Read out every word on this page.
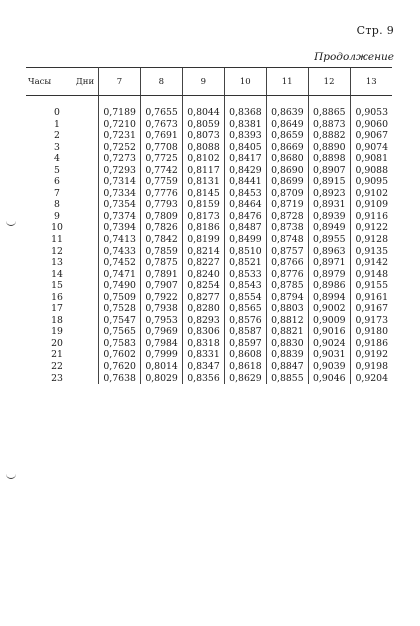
Стр. 9
Продолжение
Часы	Дни	7	8	9	10	11	12	13
0		0,7189	0,7655	0,8044	0,8368	0,8639	0,8865	0,9053
1		0,7210	0,7673	0,8059	0,8381	0,8649	0,8873	0,9060
2		0,7231	0,7691	0,8073	0,8393	0,8659	0,8882	0,9067
3		0,7252	0,7708	0,8088	0,8405	0,8669	0,8890	0,9074
4		0,7273	0,7725	0,8102	0,8417	0,8680	0,8898	0,9081
5		0,7293	0,7742	0,8117	0,8429	0,8690	0,8907	0,9088
6		0,7314	0,7759	0,8131	0,8441	0,8699	0,8915	0,9095
7		0,7334	0,7776	0,8145	0,8453	0,8709	0,8923	0,9102
8		0,7354	0,7793	0,8159	0,8464	0,8719	0,8931	0,9109
9		0,7374	0,7809	0,8173	0,8476	0,8728	0,8939	0,9116
10		0,7394	0,7826	0,8186	0,8487	0,8738	0,8949	0,9122
11		0,7413	0,7842	0,8199	0,8499	0,8748	0,8955	0,9128
12		0,7433	0,7859	0,8214	0,8510	0,8757	0,8963	0,9135
13		0,7452	0,7875	0,8227	0,8521	0,8766	0,8971	0,9142
14		0,7471	0,7891	0,8240	0,8533	0,8776	0,8979	0,9148
15		0,7490	0,7907	0,8254	0,8543	0,8785	0,8986	0,9155
16		0,7509	0,7922	0,8277	0,8554	0,8794	0,8994	0,9161
17		0,7528	0,7938	0,8280	0,8565	0,8803	0,9002	0,9167
18		0,7547	0,7953	0,8293	0,8576	0,8812	0,9009	0,9173
19		0,7565	0,7969	0,8306	0,8587	0,8821	0,9016	0,9180
20		0,7583	0,7984	0,8318	0,8597	0,8830	0,9024	0,9186
21		0,7602	0,7999	0,8331	0,8608	0,8839	0,9031	0,9192
22		0,7620	0,8014	0,8347	0,8618	0,8847	0,9039	0,9198
23		0,7638	0,8029	0,8356	0,8629	0,8855	0,9046	0,9204
